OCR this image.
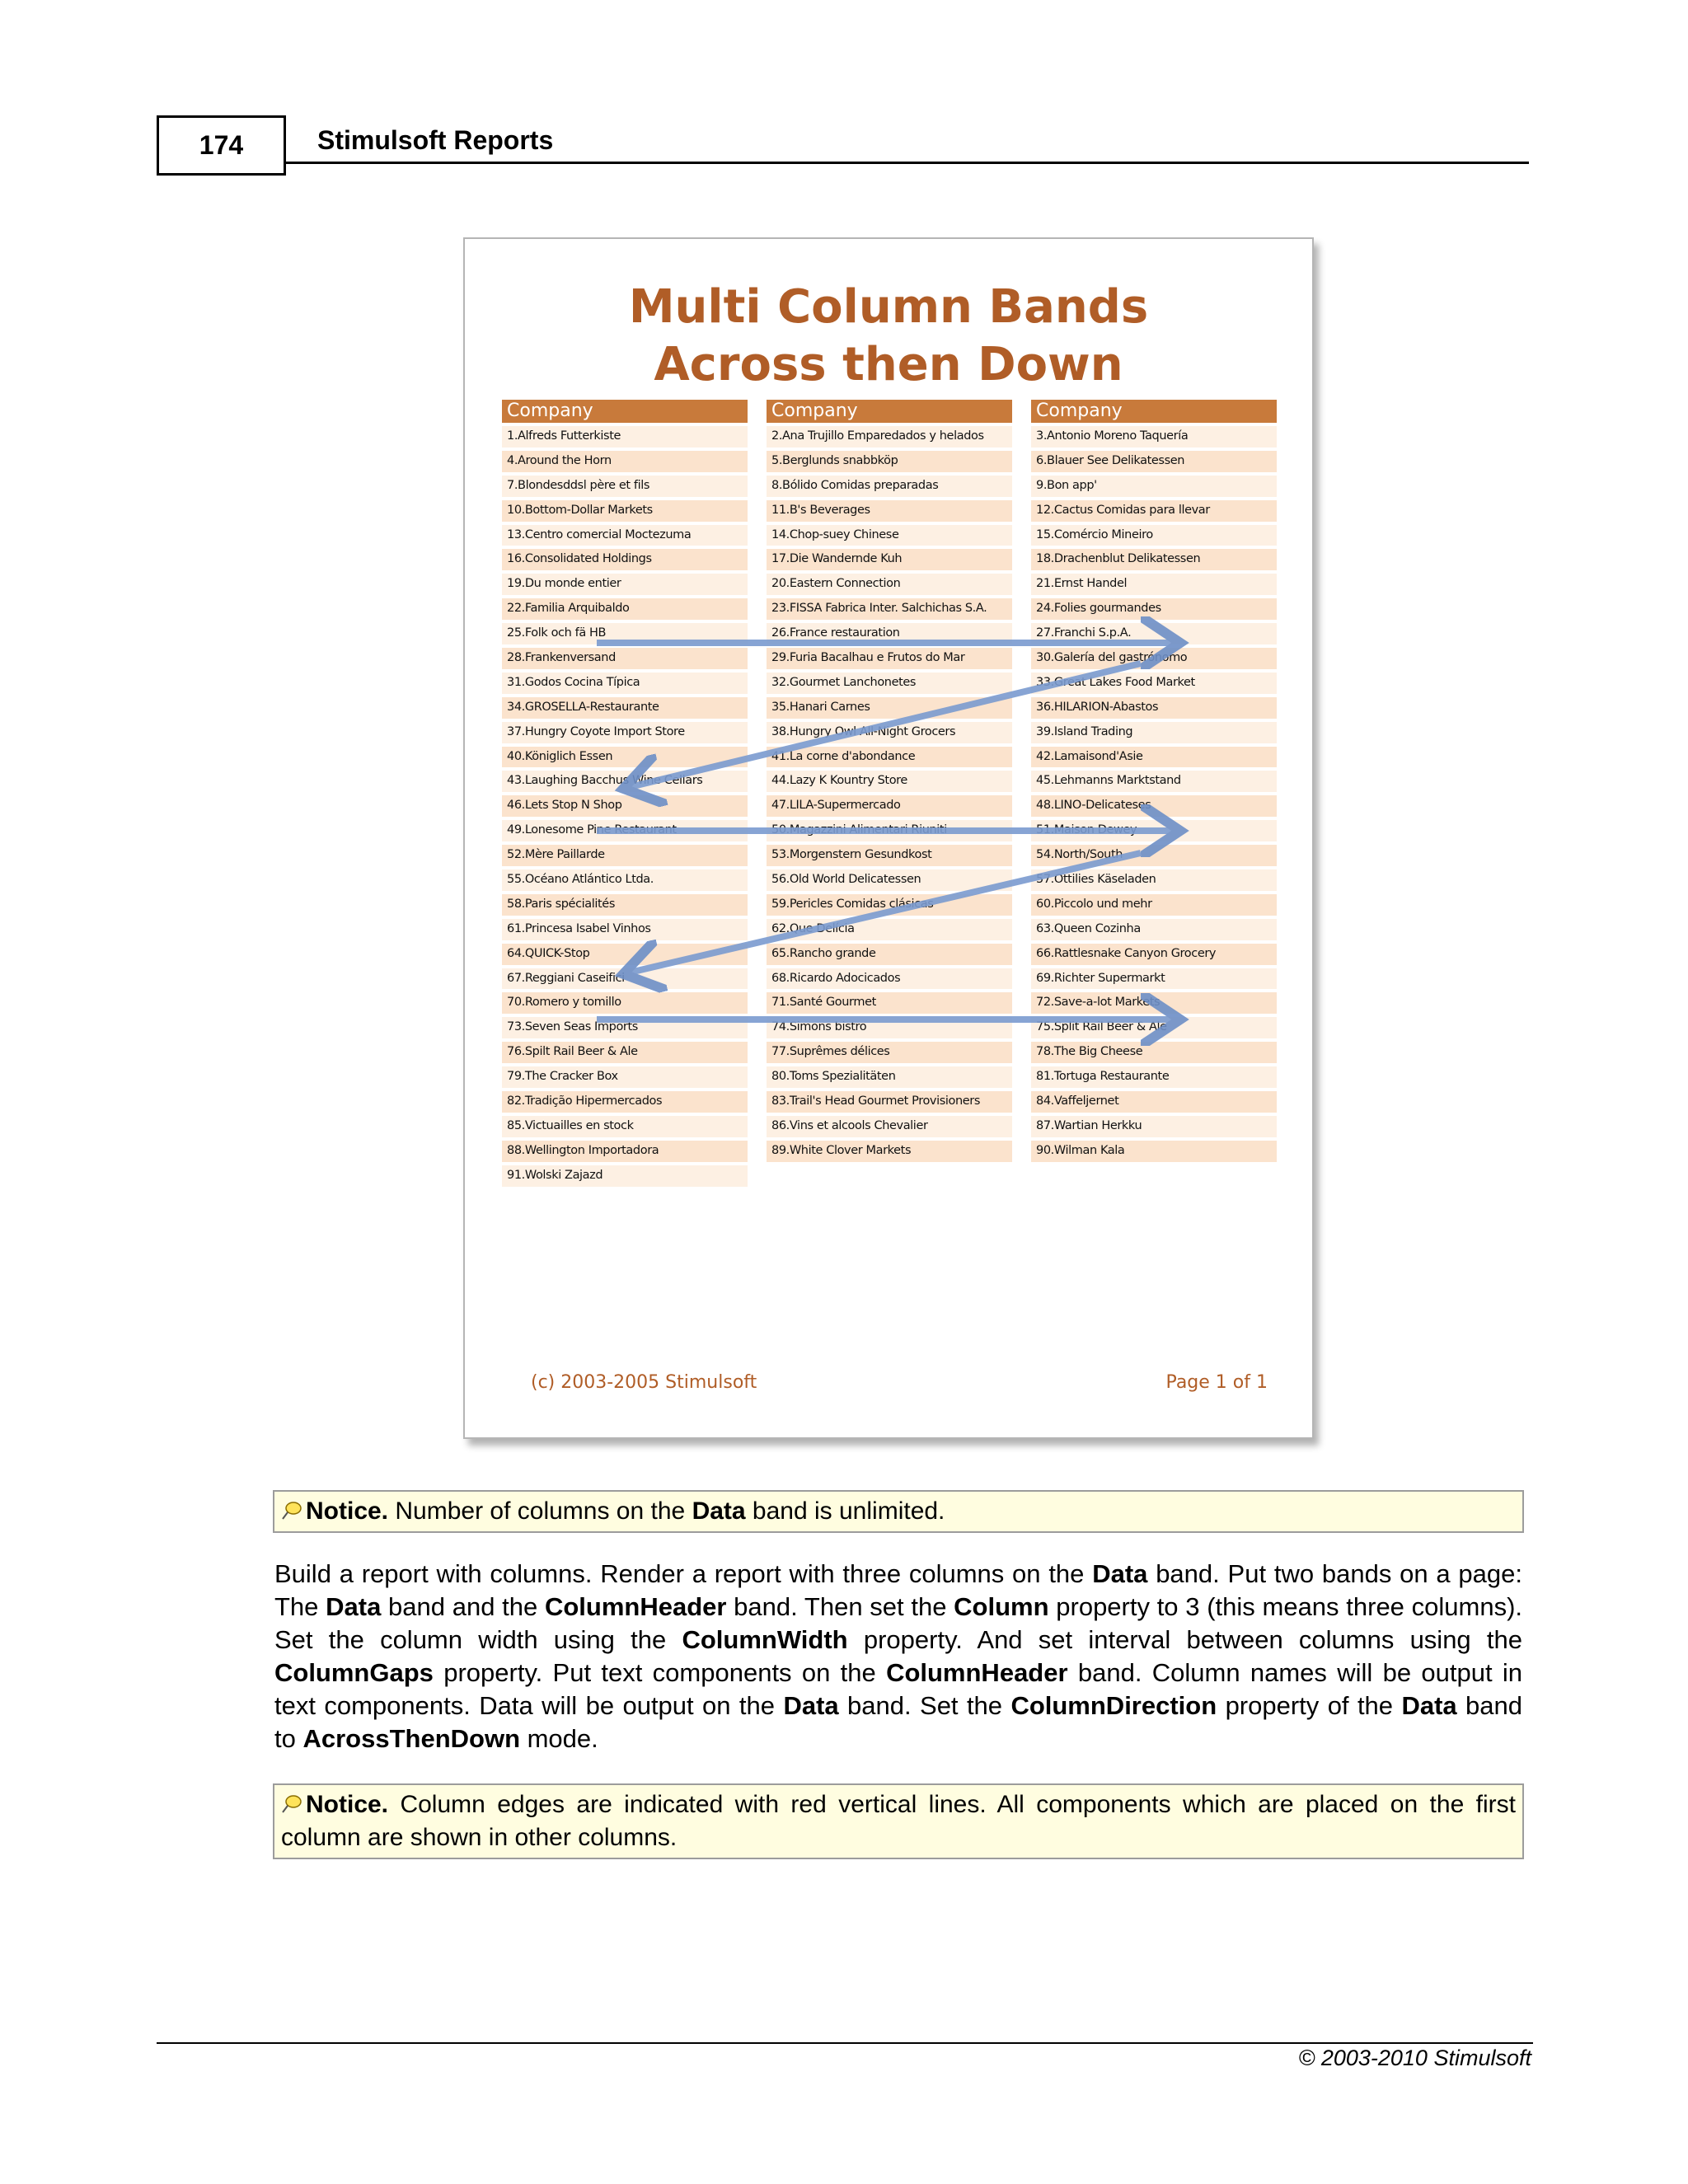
174	Stimulsoft Reports
Multi Column Bands
Across then Down
Company
1.Alfreds Futterkiste
4.Around the Horn
7.Blondesddsl père et fils
10.Bottom-Dollar Markets
13.Centro comercial Moctezuma
16.Consolidated Holdings
19.Du monde entier
22.Familia Arquibaldo
25.Folk och fä HB
28.Frankenversand
31.Godos Cocina Típica
34.GROSELLA-Restaurante
37.Hungry Coyote Import Store
40.Königlich Essen
43.Laughing Bacchus Wine Cellars
46.Lets Stop N Shop
49.Lonesome Pine Restaurant
52.Mère Paillarde
55.Océano Atlántico Ltda.
58.Paris spécialités
61.Princesa Isabel Vinhos
64.QUICK-Stop
67.Reggiani Caseifici
70.Romero y tomillo
73.Seven Seas Imports
76.Spilt Rail Beer & Ale
79.The Cracker Box
82.Tradição Hipermercados
85.Victuailles en stock
88.Wellington Importadora
91.Wolski Zajazd
Company
2.Ana Trujillo Emparedados y helados
5.Berglunds snabbköp
8.Bólido Comidas preparadas
11.B's Beverages
14.Chop-suey Chinese
17.Die Wandernde Kuh
20.Eastern Connection
23.FISSA Fabrica Inter. Salchichas S.A.
26.France restauration
29.Furia Bacalhau e Frutos do Mar
32.Gourmet Lanchonetes
35.Hanari Carnes
38.Hungry Owl All-Night Grocers
41.La corne d'abondance
44.Lazy K Kountry Store
47.LILA-Supermercado
50.Magazzini Alimentari Riuniti
53.Morgenstern Gesundkost
56.Old World Delicatessen
59.Pericles Comidas clásicas
62.Que Delícia
65.Rancho grande
68.Ricardo Adocicados
71.Santé Gourmet
74.Simons bistro
77.Suprêmes délices
80.Toms Spezialitäten
83.Trail's Head Gourmet Provisioners
86.Vins et alcools Chevalier
89.White Clover Markets
Company
3.Antonio Moreno Taquería
6.Blauer See Delikatessen
9.Bon app'
12.Cactus Comidas para llevar
15.Comércio Mineiro
18.Drachenblut Delikatessen
21.Ernst Handel
24.Folies gourmandes
27.Franchi S.p.A.
30.Galería del gastrónomo
33.Great Lakes Food Market
36.HILARION-Abastos
39.Island Trading
42.Lamaisond'Asie
45.Lehmanns Marktstand
48.LINO-Delicateses
51.Maison Dewey
54.North/South
57.Ottilies Käseladen
60.Piccolo und mehr
63.Queen Cozinha
66.Rattlesnake Canyon Grocery
69.Richter Supermarkt
72.Save-a-lot Markets
75.Split Rail Beer & Ale
78.The Big Cheese
81.Tortuga Restaurante
84.Vaffeljernet
87.Wartian Herkku
90.Wilman Kala
(c) 2003-2005 Stimulsoft	Page 1 of 1
Notice. Number of columns on the Data band is unlimited.
Build a report with columns. Render a report with three columns on the Data band. Put two bands on a page: The Data band and the ColumnHeader band. Then set the Column property to 3 (this means three columns). Set the column width using the ColumnWidth property. And set interval between columns using the ColumnGaps property. Put text components on the ColumnHeader band. Column names will be output in text components. Data will be output on the Data band. Set the ColumnDirection property of the Data band to AcrossThenDown mode.
Notice. Column edges are indicated with red vertical lines. All components which are placed on the first column are shown in other columns.
© 2003-2010 Stimulsoft
